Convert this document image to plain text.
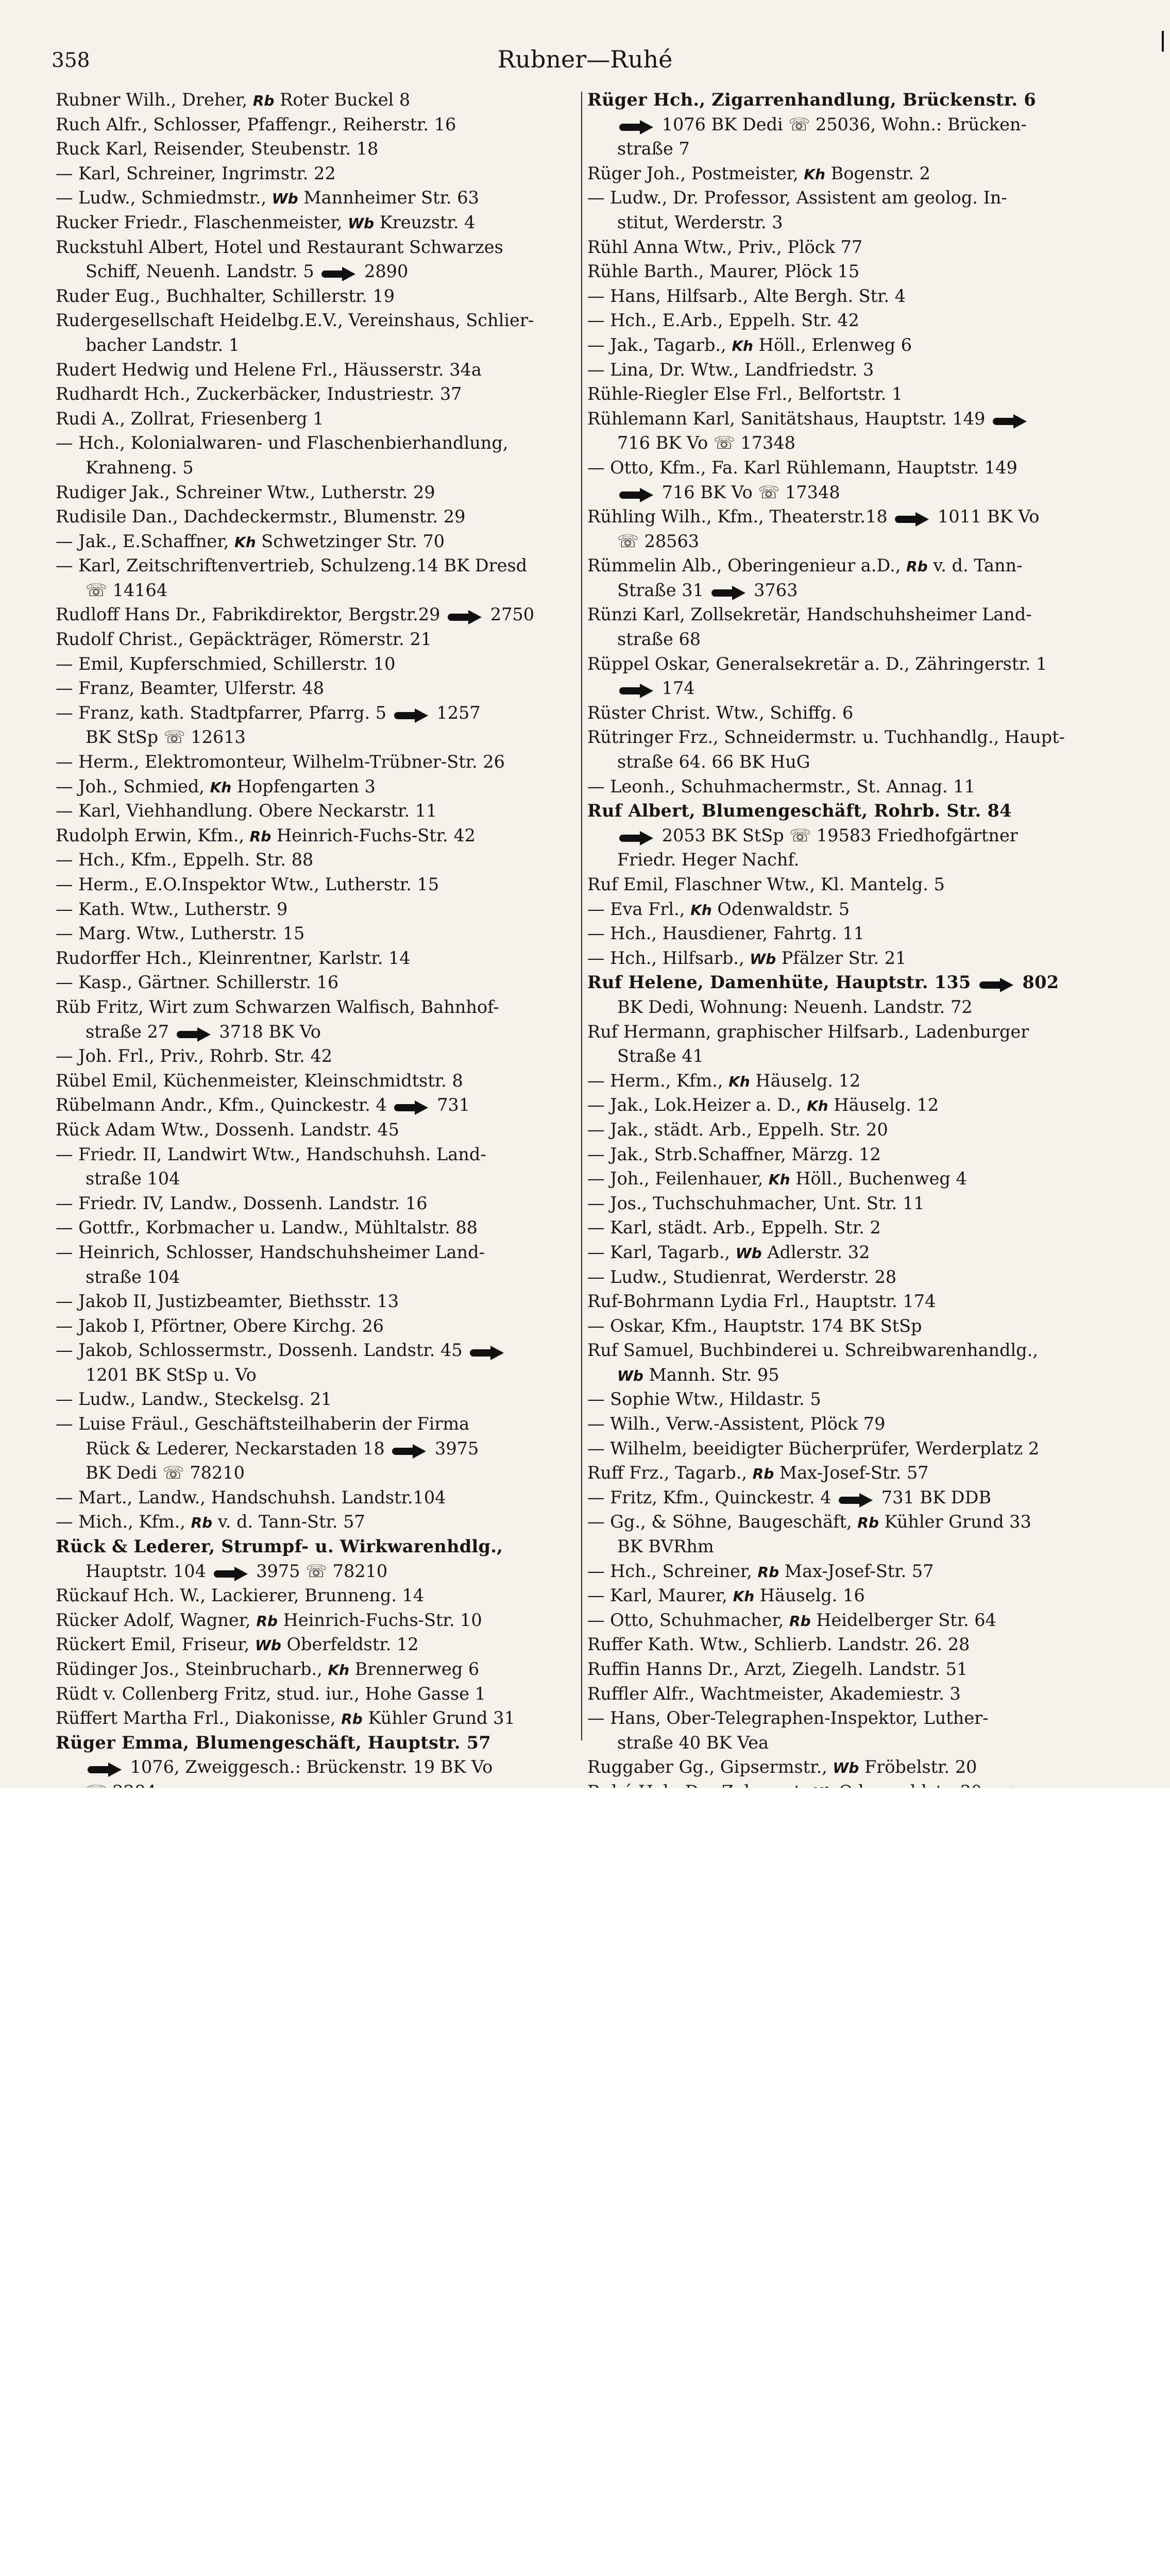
358	Rubner—Ruhé
Rubner Wilh., Dreher, Rb Roter Buckel 8
Ruch Alfr., Schlosser, Pfaffengr., Reiherstr. 16
Ruck Karl, Reisender, Steubenstr. 18
— Karl, Schreiner, Ingrimstr. 22
— Ludw., Schmiedmstr., Wb Mannheimer Str. 63
Rucker Friedr., Flaschenmeister, Wb Kreuzstr. 4
Ruckstuhl Albert, Hotel und Restaurant Schwarzes
Schiff, Neuenh. Landstr. 5  2890
Ruder Eug., Buchhalter, Schillerstr. 19
Rudergesellschaft Heidelbg.E.V., Vereinshaus, Schlier-
bacher Landstr. 1
Rudert Hedwig und Helene Frl., Häusserstr. 34a
Rudhardt Hch., Zuckerbäcker, Industriestr. 37
Rudi A., Zollrat, Friesenberg 1
— Hch., Kolonialwaren- und Flaschenbierhandlung,
Krahneng. 5
Rudiger Jak., Schreiner Wtw., Lutherstr. 29
Rudisile Dan., Dachdeckermstr., Blumenstr. 29
— Jak., E.Schaffner, Kh Schwetzinger Str. 70
— Karl, Zeitschriftenvertrieb, Schulzeng.14 BK Dresd
☏ 14164
Rudloff Hans Dr., Fabrikdirektor, Bergstr.29  2750
Rudolf Christ., Gepäckträger, Römerstr. 21
— Emil, Kupferschmied, Schillerstr. 10
— Franz, Beamter, Ulferstr. 48
— Franz, kath. Stadtpfarrer, Pfarrg. 5  1257
BK StSp ☏ 12613
— Herm., Elektromonteur, Wilhelm-Trübner-Str. 26
— Joh., Schmied, Kh Hopfengarten 3
— Karl, Viehhandlung. Obere Neckarstr. 11
Rudolph Erwin, Kfm., Rb Heinrich-Fuchs-Str. 42
— Hch., Kfm., Eppelh. Str. 88
— Herm., E.O.Inspektor Wtw., Lutherstr. 15
— Kath. Wtw., Lutherstr. 9
— Marg. Wtw., Lutherstr. 15
Rudorffer Hch., Kleinrentner, Karlstr. 14
— Kasp., Gärtner. Schillerstr. 16
Rüb Fritz, Wirt zum Schwarzen Walfisch, Bahnhof-
straße 27  3718 BK Vo
— Joh. Frl., Priv., Rohrb. Str. 42
Rübel Emil, Küchenmeister, Kleinschmidtstr. 8
Rübelmann Andr., Kfm., Quinckestr. 4  731
Rück Adam Wtw., Dossenh. Landstr. 45
— Friedr. II, Landwirt Wtw., Handschuhsh. Land-
straße 104
— Friedr. IV, Landw., Dossenh. Landstr. 16
— Gottfr., Korbmacher u. Landw., Mühltalstr. 88
— Heinrich, Schlosser, Handschuhsheimer Land-
straße 104
— Jakob II, Justizbeamter, Biethsstr. 13
— Jakob I, Pförtner, Obere Kirchg. 26
— Jakob, Schlossermstr., Dossenh. Landstr. 45
1201 BK StSp u. Vo
— Ludw., Landw., Steckelsg. 21
— Luise Fräul., Geschäftsteilhaberin der Firma
Rück & Lederer, Neckarstaden 18  3975
BK Dedi ☏ 78210
— Mart., Landw., Handschuhsh. Landstr.104
— Mich., Kfm., Rb v. d. Tann-Str. 57
Rück & Lederer, Strumpf- u. Wirkwarenhdlg.,
Hauptstr. 104  3975 ☏ 78210
Rückauf Hch. W., Lackierer, Brunneng. 14
Rücker Adolf, Wagner, Rb Heinrich-Fuchs-Str. 10
Rückert Emil, Friseur, Wb Oberfeldstr. 12
Rüdinger Jos., Steinbrucharb., Kh Brennerweg 6
Rüdt v. Collenberg Fritz, stud. iur., Hohe Gasse 1
Rüffert Martha Frl., Diakonisse, Rb Kühler Grund 31
Rüger Emma, Blumengeschäft, Hauptstr. 57
1076, Zweiggesch.: Brückenstr. 19 BK Vo
Rüger Hch., Zigarrenhandlung, Brückenstr. 6
1076 BK Dedi ☏ 25036, Wohn.: Brücken-
straße 7
Rüger Joh., Postmeister, Kh Bogenstr. 2
— Ludw., Dr. Professor, Assistent am geolog. In-
stitut, Werderstr. 3
Rühl Anna Wtw., Priv., Plöck 77
Rühle Barth., Maurer, Plöck 15
— Hans, Hilfsarb., Alte Bergh. Str. 4
— Hch., E.Arb., Eppelh. Str. 42
— Jak., Tagarb., Kh Höll., Erlenweg 6
— Lina, Dr. Wtw., Landfriedstr. 3
Rühle-Riegler Else Frl., Belfortstr. 1
Rühlemann Karl, Sanitätshaus, Hauptstr. 149
716 BK Vo ☏ 17348
— Otto, Kfm., Fa. Karl Rühlemann, Hauptstr. 149
716 BK Vo ☏ 17348
Rühling Wilh., Kfm., Theaterstr.18  1011 BK Vo
☏ 28563
Rümmelin Alb., Oberingenieur a.D., Rb v. d. Tann-
Straße 31  3763
Rünzi Karl, Zollsekretär, Handschuhsheimer Land-
straße 68
Rüppel Oskar, Generalsekretär a. D., Zähringerstr. 1
174
Rüster Christ. Wtw., Schiffg. 6
Rütringer Frz., Schneidermstr. u. Tuchhandlg., Haupt-
straße 64. 66 BK HuG
— Leonh., Schuhmachermstr., St. Annag. 11
Ruf Albert, Blumengeschäft, Rohrb. Str. 84
2053 BK StSp ☏ 19583 Friedhofgärtner
Friedr. Heger Nachf.
Ruf Emil, Flaschner Wtw., Kl. Mantelg. 5
— Eva Frl., Kh Odenwaldstr. 5
— Hch., Hausdiener, Fahrtg. 11
— Hch., Hilfsarb., Wb Pfälzer Str. 21
Ruf Helene, Damenhüte, Hauptstr. 135  802
BK Dedi, Wohnung: Neuenh. Landstr. 72
Ruf Hermann, graphischer Hilfsarb., Ladenburger
Straße 41
— Herm., Kfm., Kh Häuselg. 12
— Jak., Lok.Heizer a. D., Kh Häuselg. 12
— Jak., städt. Arb., Eppelh. Str. 20
— Jak., Strb.Schaffner, Märzg. 12
— Joh., Feilenhauer, Kh Höll., Buchenweg 4
— Jos., Tuchschuhmacher, Unt. Str. 11
— Karl, städt. Arb., Eppelh. Str. 2
— Karl, Tagarb., Wb Adlerstr. 32
— Ludw., Studienrat, Werderstr. 28
Ruf-Bohrmann Lydia Frl., Hauptstr. 174
— Oskar, Kfm., Hauptstr. 174 BK StSp
Ruf Samuel, Buchbinderei u. Schreibwarenhandlg.,
Wb Mannh. Str. 95
— Sophie Wtw., Hildastr. 5
— Wilh., Verw.-Assistent, Plöck 79
— Wilhelm, beeidigter Bücherprüfer, Werderplatz 2
Ruff Frz., Tagarb., Rb Max-Josef-Str. 57
— Fritz, Kfm., Quinckestr. 4  731 BK DDB
— Gg., & Söhne, Baugeschäft, Rb Kühler Grund 33
BK BVRhm
— Hch., Schreiner, Rb Max-Josef-Str. 57
— Karl, Maurer, Kh Häuselg. 16
— Otto, Schuhmacher, Rb Heidelberger Str. 64
Ruffer Kath. Wtw., Schlierb. Landstr. 26. 28
Ruffin Hanns Dr., Arzt, Ziegelh. Landstr. 51
Ruffler Alfr., Wachtmeister, Akademiestr. 3
— Hans, Ober-Telegraphen-Inspektor, Luther-
straße 40 BK Vea
Ruggaber Gg., Gipsermstr., Wb Fröbelstr. 20
